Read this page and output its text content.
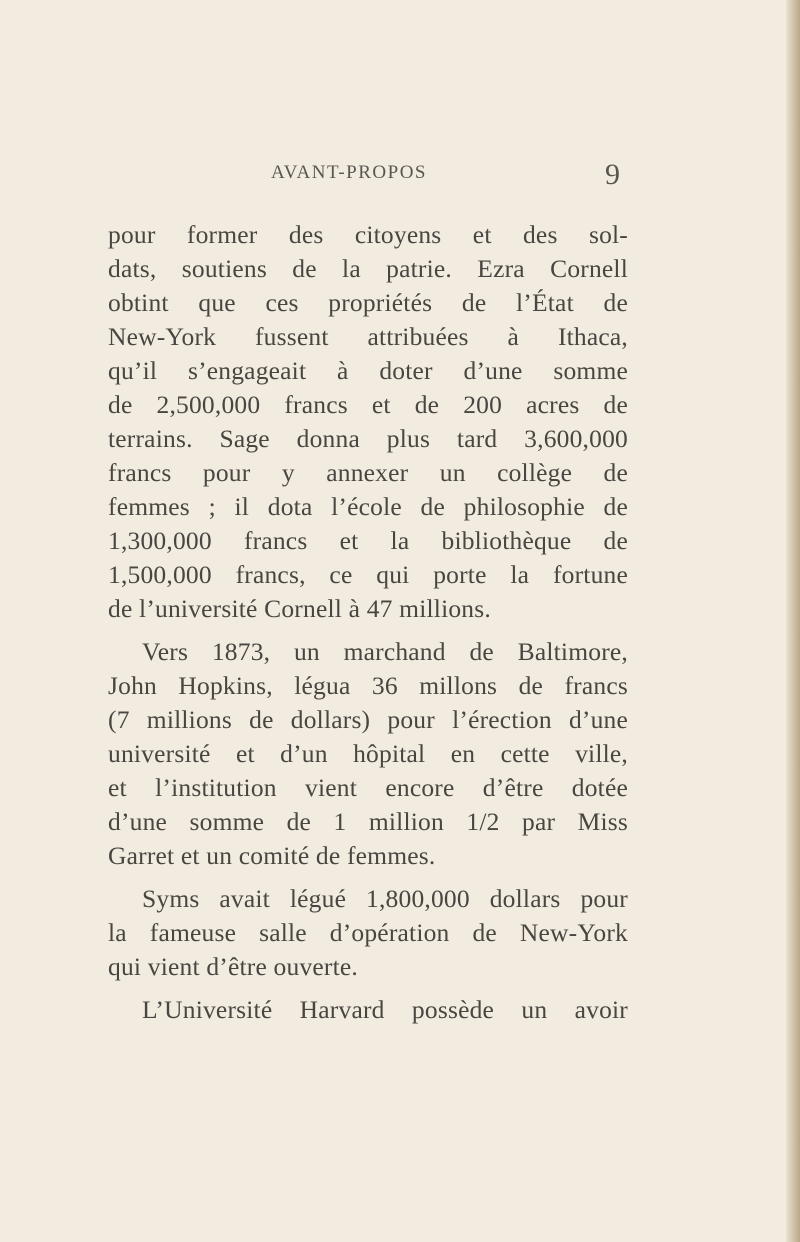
AVANT-PROPOS	9
pour former des citoyens et des sol-
dats, soutiens de la patrie. Ezra Cornell
obtint que ces propriétés de l’État de
New-York fussent attribuées à Ithaca,
qu’il s’engageait à doter d’une somme
de 2,500,000 francs et de 200 acres de
terrains. Sage donna plus tard 3,600,000
francs pour y annexer un collège de
femmes ; il dota l’école de philosophie de
1,300,000 francs et la bibliothèque de
1,500,000 francs, ce qui porte la fortune
de l’université Cornell à 47 millions.
Vers 1873, un marchand de Baltimore,
John Hopkins, légua 36 millons de francs
(7 millions de dollars) pour l’érection d’une
université et d’un hôpital en cette ville,
et l’institution vient encore d’être dotée
d’une somme de 1 million 1/2 par Miss
Garret et un comité de femmes.
Syms avait légué 1,800,000 dollars pour
la fameuse salle d’opération de New-York
qui vient d’être ouverte.
L’Université Harvard possède un avoir
